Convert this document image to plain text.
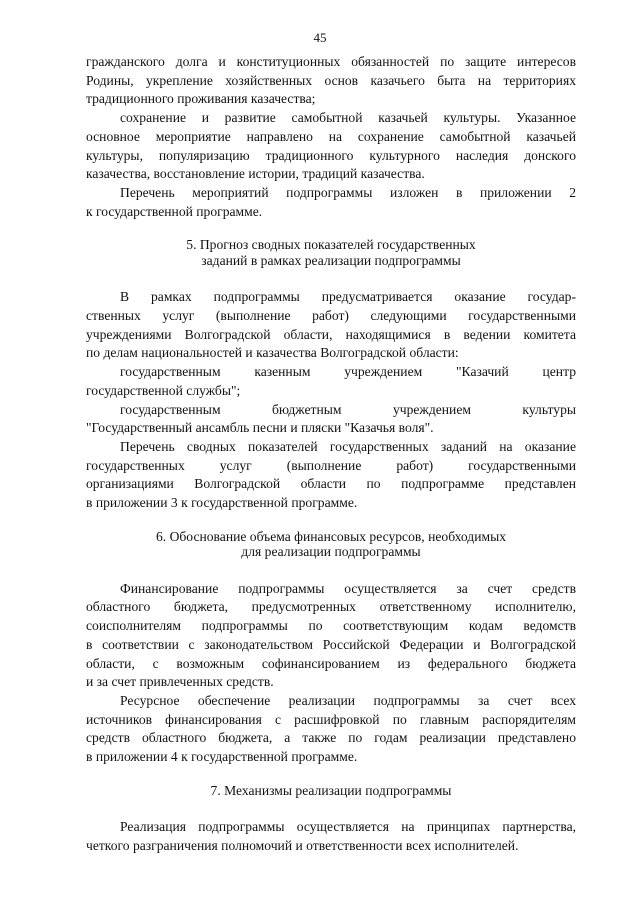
45

гражданского долга и конституционных обязанностей по защите интересов
Родины, укрепление хозяйственных основ казачьего быта на территориях
традиционного проживания казачества;

сохранение и развитие самобытной казачьей культуры. Указанное
основное мероприятие направлено на сохранение самобытной казачьей
культуры, популяризацию традиционного культурного наследия донского
казачества, восстановление истории, традиций казачества.

Перечень мероприятий подпрограммы изложен в приложении 2
к государственной программе.

5. Прогноз сводных показателей государственных
заданий в рамках реализации подпрограммы

В рамках подпрограммы предусматривается оказание государ-
ственных услуг (выполнение работ) следующими государственными
учреждениями Волгоградской области, находящимися в ведении комитета
по делам национальностей и казачества Волгоградской области:

государственным казенным учреждением "Казачий центр
государственной службы";

государственным бюджетным учреждением культуры
"Государственный ансамбль песни и пляски "Казачья воля".

Перечень сводных показателей государственных заданий на оказание
государственных услуг (выполнение работ) государственными
организациями Волгоградской области по подпрограмме представлен
в приложении 3 к государственной программе.

6. Обоснование объема финансовых ресурсов, необходимых
для реализации подпрограммы

Финансирование подпрограммы осуществляется за счет средств
областного бюджета, предусмотренных ответственному исполнителю,
соисполнителям подпрограммы по соответствующим кодам ведомств
в соответствии с законодательством Российской Федерации и Волгоградской
области, с возможным софинансированием из федерального бюджета
и за счет привлеченных средств.

Ресурсное обеспечение реализации подпрограммы за счет всех
источников финансирования с расшифровкой по главным распорядителям
средств областного бюджета, а также по годам реализации представлено
в приложении 4 к государственной программе.

7. Механизмы реализации подпрограммы

Реализация подпрограммы осуществляется на принципах партнерства,
четкого разграничения полномочий и ответственности всех исполнителей.
